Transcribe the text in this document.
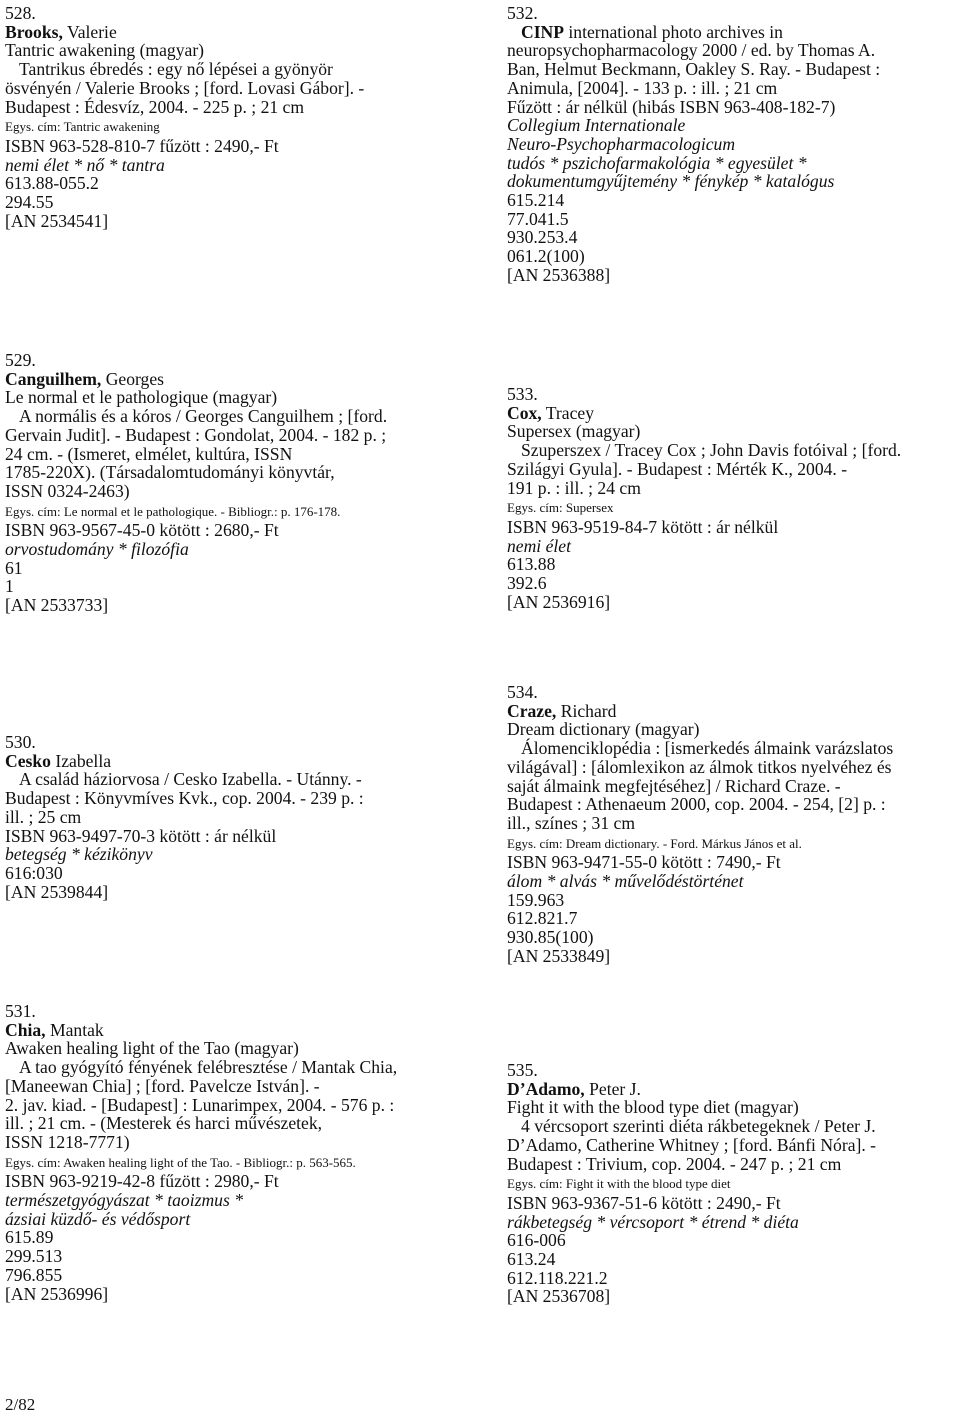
528.
Brooks, Valerie
Tantric awakening (magyar)
Tantrikus ébredés : egy nő lépései a gyönyör
ösvényén / Valerie Brooks ; [ford. Lovasi Gábor]. -
Budapest : Édesvíz, 2004. - 225 p. ; 21 cm
Egys. cím: Tantric awakening
ISBN 963-528-810-7 fűzött : 2490,- Ft
nemi élet * nő * tantra
613.88-055.2
294.55
[AN 2534541]
532.
CINP international photo archives in
neuropsychopharmacology 2000 / ed. by Thomas A.
Ban, Helmut Beckmann, Oakley S. Ray. - Budapest :
Animula, [2004]. - 133 p. : ill. ; 21 cm
Fűzött : ár nélkül (hibás ISBN 963-408-182-7)
Collegium Internationale
Neuro-Psychopharmacologicum
tudós * pszichofarmakológia * egyesület *
dokumentumgyűjtemény * fénykép * katalógus
615.214
77.041.5
930.253.4
061.2(100)
[AN 2536388]
529.
Canguilhem, Georges
Le normal et le pathologique (magyar)
A normális és a kóros / Georges Canguilhem ; [ford.
Gervain Judit]. - Budapest : Gondolat, 2004. - 182 p. ;
24 cm. - (Ismeret, elmélet, kultúra, ISSN
1785-220X). (Társadalomtudományi könyvtár,
ISSN 0324-2463)
Egys. cím: Le normal et le pathologique. - Bibliogr.: p. 176-178.
ISBN 963-9567-45-0 kötött : 2680,- Ft
orvostudomány * filozófia
61
1
[AN 2533733]
533.
Cox, Tracey
Supersex (magyar)
Szuperszex / Tracey Cox ; John Davis fotóival ; [ford.
Szilágyi Gyula]. - Budapest : Mérték K., 2004. -
191 p. : ill. ; 24 cm
Egys. cím: Supersex
ISBN 963-9519-84-7 kötött : ár nélkül
nemi élet
613.88
392.6
[AN 2536916]
530.
Cesko Izabella
A család háziorvosa / Cesko Izabella. - Utánny. -
Budapest : Könyvmíves Kvk., cop. 2004. - 239 p. :
ill. ; 25 cm
ISBN 963-9497-70-3 kötött : ár nélkül
betegség * kézikönyv
616:030
[AN 2539844]
534.
Craze, Richard
Dream dictionary (magyar)
Álomenciklopédia : [ismerkedés álmaink varázslatos
világával] : [álomlexikon az álmok titkos nyelvéhez és
saját álmaink megfejtéséhez] / Richard Craze. -
Budapest : Athenaeum 2000, cop. 2004. - 254, [2] p. :
ill., színes ; 31 cm
Egys. cím: Dream dictionary. - Ford. Márkus János et al.
ISBN 963-9471-55-0 kötött : 7490,- Ft
álom * alvás * művelődéstörténet
159.963
612.821.7
930.85(100)
[AN 2533849]
531.
Chia, Mantak
Awaken healing light of the Tao (magyar)
A tao gyógyító fényének felébresztése / Mantak Chia,
[Maneewan Chia] ; [ford. Pavelcze István]. -
2. jav. kiad. - [Budapest] : Lunarimpex, 2004. - 576 p. :
ill. ; 21 cm. - (Mesterek és harci művészetek,
ISSN 1218-7771)
Egys. cím: Awaken healing light of the Tao. - Bibliogr.: p. 563-565.
ISBN 963-9219-42-8 fűzött : 2980,- Ft
természetgyógyászat * taoizmus *
ázsiai küzdő- és védősport
615.89
299.513
796.855
[AN 2536996]
535.
D’Adamo, Peter J.
Fight it with the blood type diet (magyar)
4 vércsoport szerinti diéta rákbetegeknek / Peter J.
D’Adamo, Catherine Whitney ; [ford. Bánfi Nóra]. -
Budapest : Trivium, cop. 2004. - 247 p. ; 21 cm
Egys. cím: Fight it with the blood type diet
ISBN 963-9367-51-6 kötött : 2490,- Ft
rákbetegség * vércsoport * étrend * diéta
616-006
613.24
612.118.221.2
[AN 2536708]
2/82
